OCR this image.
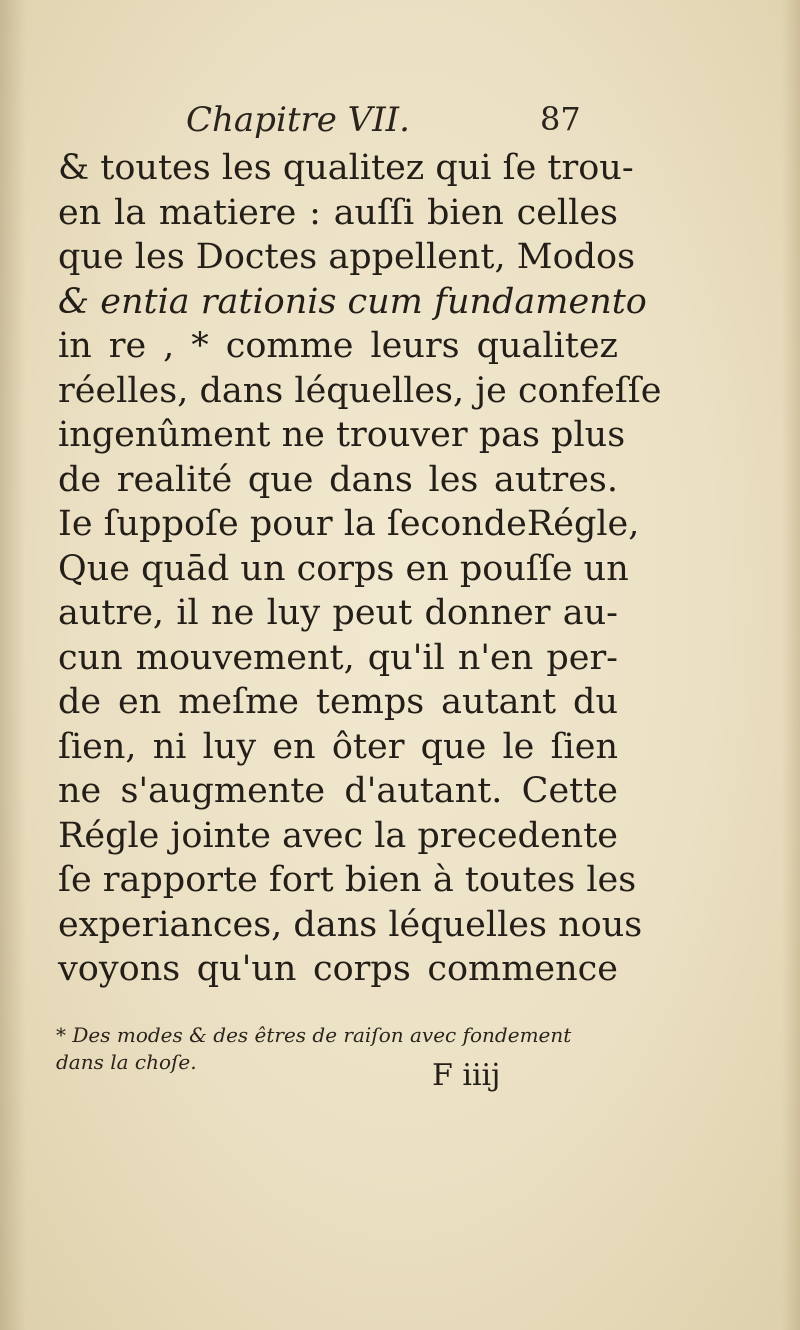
Chapitre VII.	87
& toutes les qualitez qui ſe trou-
en la matiere : auſſi bien celles
que les Doctes appellent, Modos
& entia rationis cum fundamento
in re , * comme leurs qualitez
réelles, dans léquelles, je confeſſe
ingenûment ne trouver pas plus
de realité que dans les autres.
Ie ſuppoſe pour la ſecondeRégle,
Que quād un corps en pouſſe un
autre, il ne luy peut donner au-
cun mouvement, qu'il n'en per-
de en meſme temps autant du
ſien, ni luy en ôter que le ſien
ne s'augmente d'autant. Cette
Régle jointe avec la precedente
ſe rapporte fort bien à toutes les
experiances, dans léquelles nous
voyons qu'un corps commence
* Des modes & des êtres de raiſon avec fondement
dans la choſe.	F iiij
